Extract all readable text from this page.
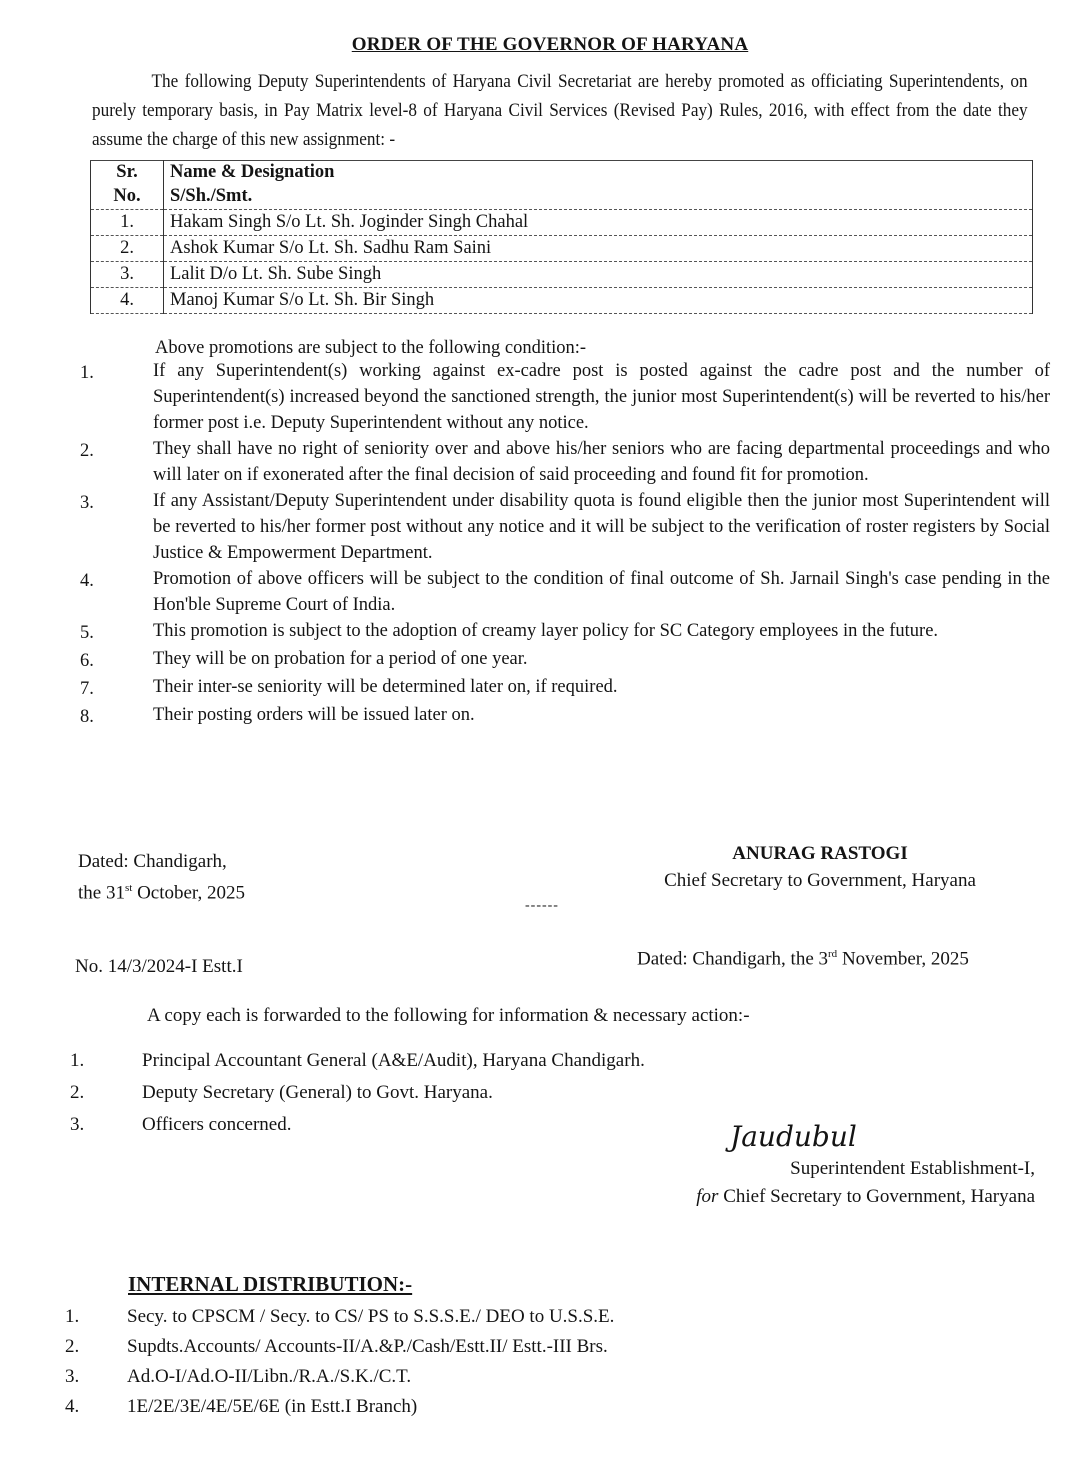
ORDER OF THE GOVERNOR OF HARYANA
The following Deputy Superintendents of Haryana Civil Secretariat are hereby promoted as officiating Superintendents, on purely temporary basis, in Pay Matrix level-8 of Haryana Civil Services (Revised Pay) Rules, 2016, with effect from the date they assume the charge of this new assignment: -
Sr.	Name & Designation
No.	S/Sh./Smt.
1.	Hakam Singh S/o Lt. Sh. Joginder Singh Chahal
2.	Ashok Kumar S/o Lt. Sh. Sadhu Ram Saini
3.	Lalit D/o Lt. Sh. Sube Singh
4.	Manoj Kumar S/o Lt. Sh. Bir Singh
Above promotions are subject to the following condition:-
1.	If any Superintendent(s) working against ex-cadre post is posted against the cadre post and the number of Superintendent(s) increased beyond the sanctioned strength, the junior most Superintendent(s) will be reverted to his/her former post i.e. Deputy Superintendent without any notice.
2.	They shall have no right of seniority over and above his/her seniors who are facing departmental proceedings and who will later on if exonerated after the final decision of said proceeding and found fit for promotion.
3.	If any Assistant/Deputy Superintendent under disability quota is found eligible then the junior most Superintendent will be reverted to his/her former post without any notice and it will be subject to the verification of roster registers by Social Justice & Empowerment Department.
4.	Promotion of above officers will be subject to the condition of final outcome of Sh. Jarnail Singh's case pending in the Hon'ble Supreme Court of India.
5.	This promotion is subject to the adoption of creamy layer policy for SC Category employees in the future.
6.	They will be on probation for a period of one year.
7.	Their inter-se seniority will be determined later on, if required.
8.	Their posting orders will be issued later on.
Dated: Chandigarh,
the 31st October, 2025
ANURAG RASTOGI
Chief Secretary to Government, Haryana
------
No. 14/3/2024-I Estt.I	Dated: Chandigarh, the 3rd November, 2025
A copy each is forwarded to the following for information & necessary action:-
1.	Principal Accountant General (A&E/Audit), Haryana Chandigarh.
2.	Deputy Secretary (General) to Govt. Haryana.
3.	Officers concerned.	Jaudubul
Superintendent Establishment-I,
for Chief Secretary to Government, Haryana
INTERNAL DISTRIBUTION:-
1.	Secy. to CPSCM / Secy. to CS/ PS to S.S.S.E./ DEO to U.S.S.E.
2.	Supdts.Accounts/ Accounts-II/A.&P./Cash/Estt.II/ Estt.-III Brs.
3.	Ad.O-I/Ad.O-II/Libn./R.A./S.K./C.T.
4.	1E/2E/3E/4E/5E/6E (in Estt.I Branch)
